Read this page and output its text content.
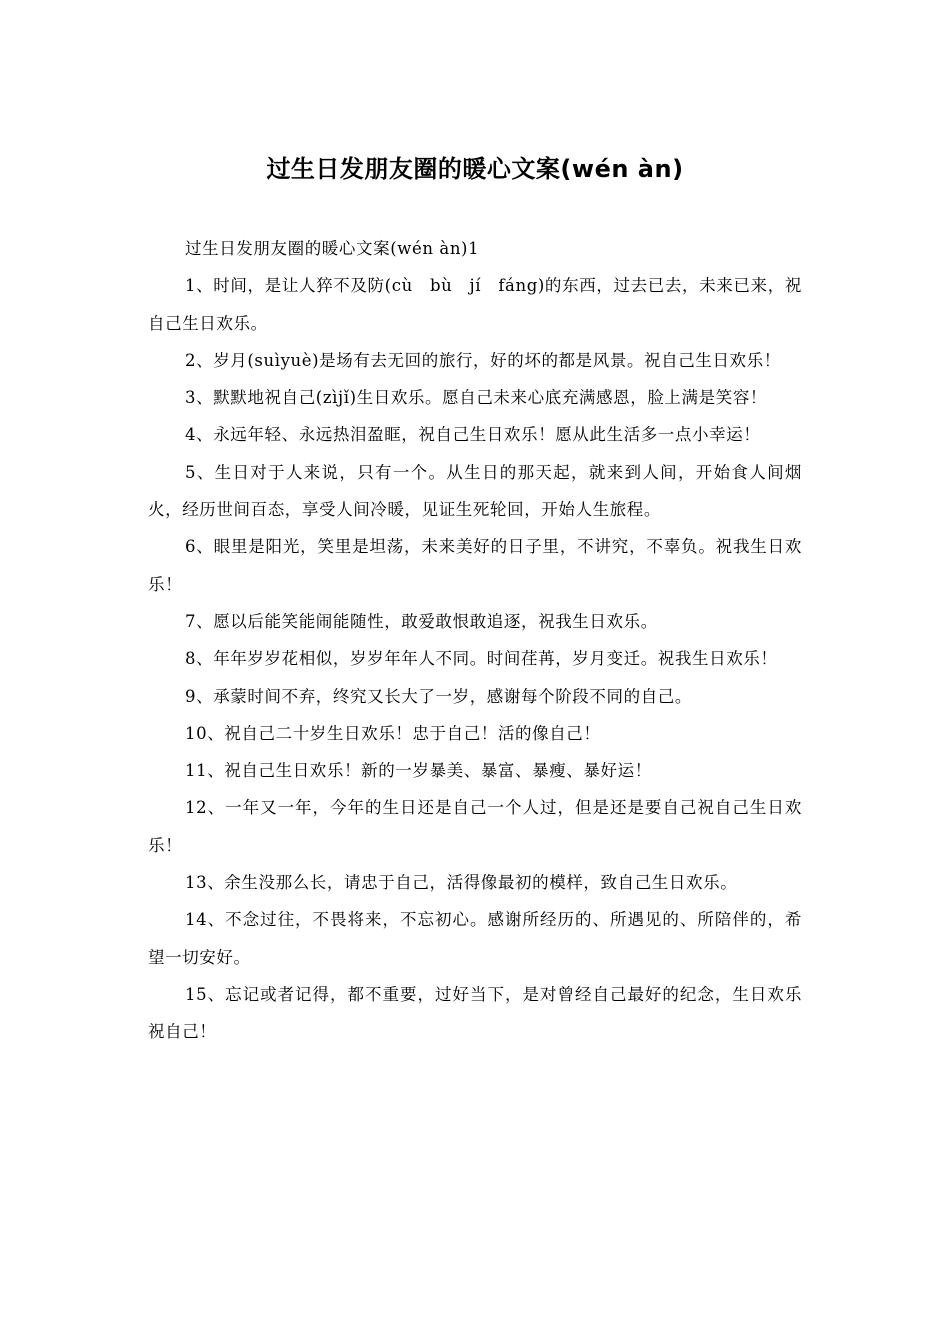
过生日发朋友圈的暖心文案(wén àn)

过生日发朋友圈的暖心文案(wén àn)1

1、时间，是让人猝不及防(cù　bù　jí　fáng)的东西，过去已去，未来已来，祝自己生日欢乐。

2、岁月(suìyuè)是场有去无回的旅行，好的坏的都是风景。祝自己生日欢乐！

3、默默地祝自己(zìjǐ)生日欢乐。愿自己未来心底充满感恩，脸上满是笑容！

4、永远年轻、永远热泪盈眶，祝自己生日欢乐！愿从此生活多一点小幸运！

5、生日对于人来说，只有一个。从生日的那天起，就来到人间，开始食人间烟火，经历世间百态，享受人间冷暖，见证生死轮回，开始人生旅程。

6、眼里是阳光，笑里是坦荡，未来美好的日子里，不讲究，不辜负。祝我生日欢乐！

7、愿以后能笑能闹能随性，敢爱敢恨敢追逐，祝我生日欢乐。

8、年年岁岁花相似，岁岁年年人不同。时间荏苒，岁月变迁。祝我生日欢乐！

9、承蒙时间不弃，终究又长大了一岁，感谢每个阶段不同的自己。

10、祝自己二十岁生日欢乐！忠于自己！活的像自己！

11、祝自己生日欢乐！新的一岁暴美、暴富、暴瘦、暴好运！

12、一年又一年，今年的生日还是自己一个人过，但是还是要自己祝自己生日欢乐！

13、余生没那么长，请忠于自己，活得像最初的模样，致自己生日欢乐。

14、不念过往，不畏将来，不忘初心。感谢所经历的、所遇见的、所陪伴的，希望一切安好。

15、忘记或者记得，都不重要，过好当下，是对曾经自己最好的纪念，生日欢乐祝自己！
